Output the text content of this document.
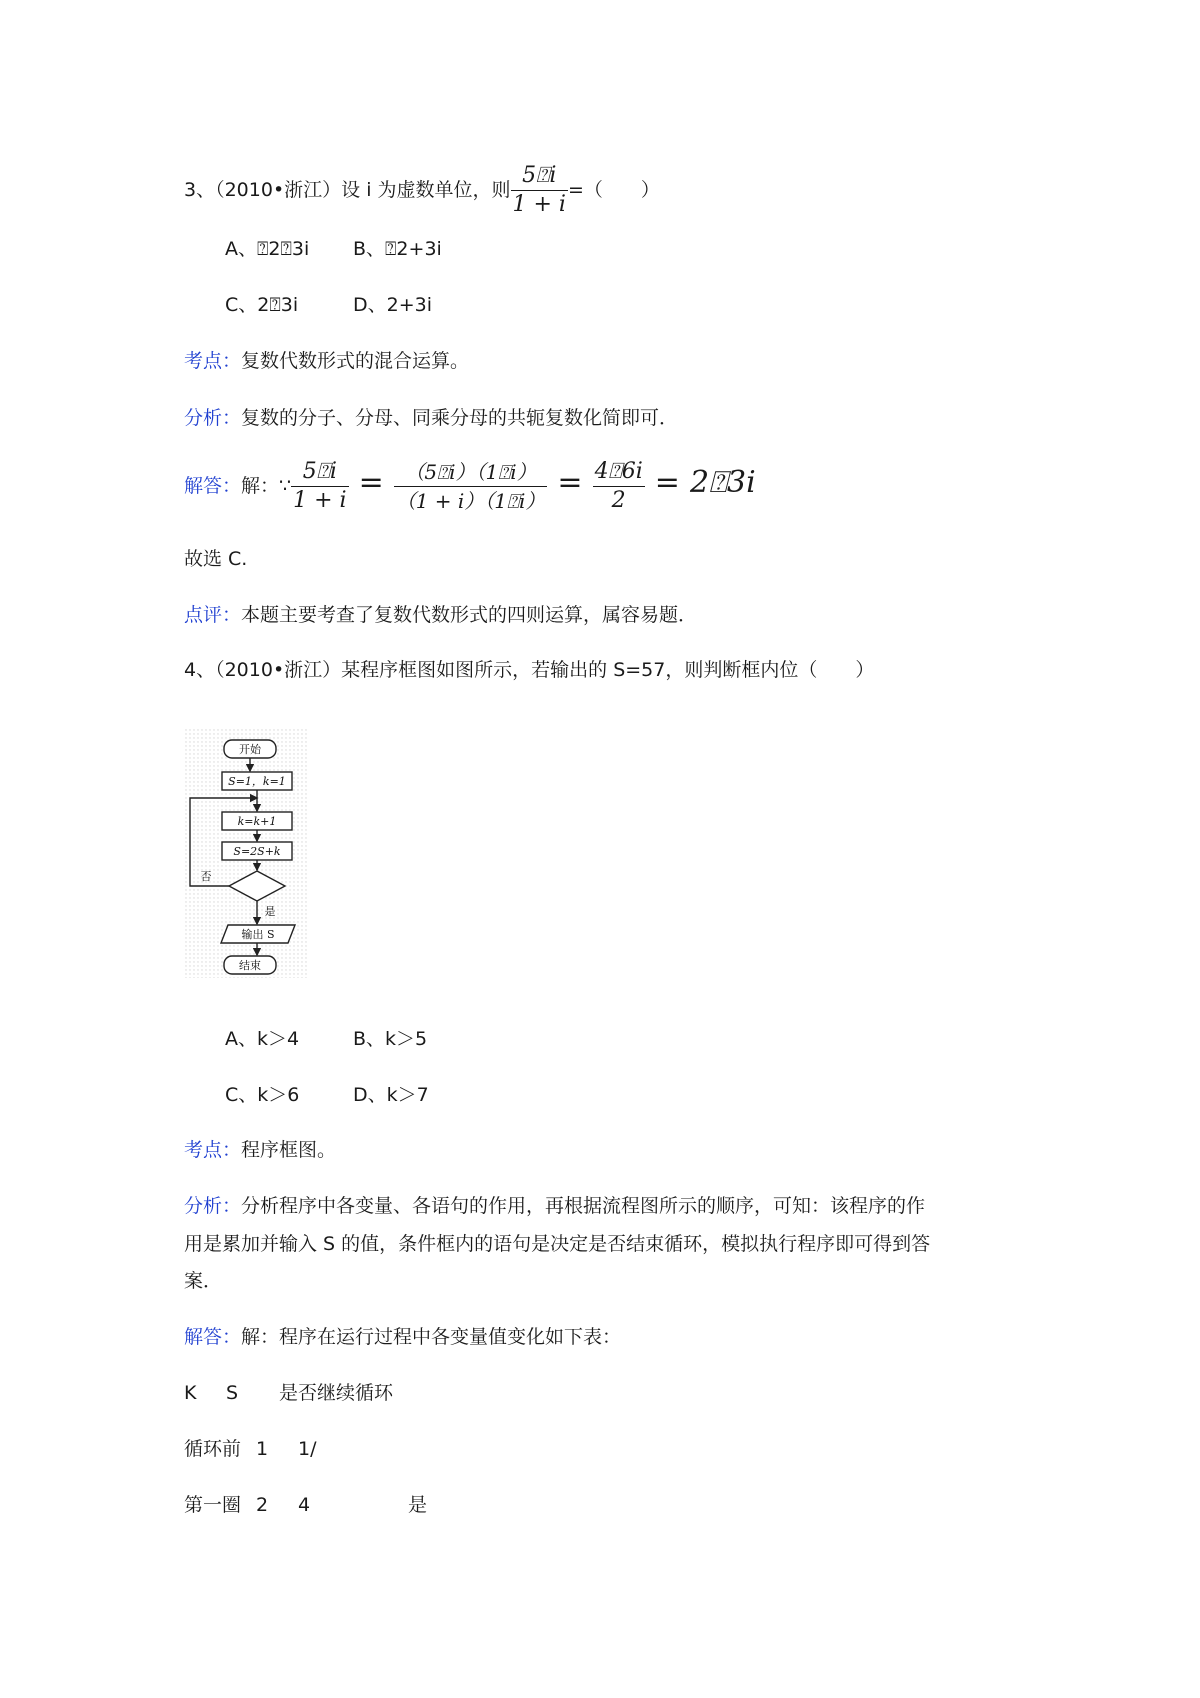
3、（2010•浙江）设 i 为虚数单位，则 $\frac{5⍰i}{1 + i}$ =（　　）
A、⍰2⍰3i B、⍰2+3i
C、2⍰3i	D、2+3i
考点：复数代数形式的混合运算。
分析：复数的分子、分母、同乘分母的共轭复数化简即可．
解答：解：∵ $\frac{5⍰i}{1 + i} = \frac{(5⍰i)(1⍰i)}{(1 + i)(1⍰i)} = \frac{4⍰6i}{2}$ = 2⍰3i
故选 C.
点评：本题主要考查了复数代数形式的四则运算，属容易题．
4、（2010•浙江）某程序框图如图所示，若输出的 S=57，则判断框内位（　　）
开始
S=1，k=1
k=k+1
S=2S+k
否
是
输出 S
结束
A、k＞4	B、k＞5
C、k＞6	D、k＞7
考点：程序框图。
分析：分析程序中各变量、各语句的作用，再根据流程图所示的顺序，可知：该程序的作
用是累加并输入 S 的值，条件框内的语句是决定是否结束循环，模拟执行程序即可得到答
案．
解答：解：程序在运行过程中各变量值变化如下表：
K S 是否继续循环
循环前 1 1/
第一圈 2 4	是
